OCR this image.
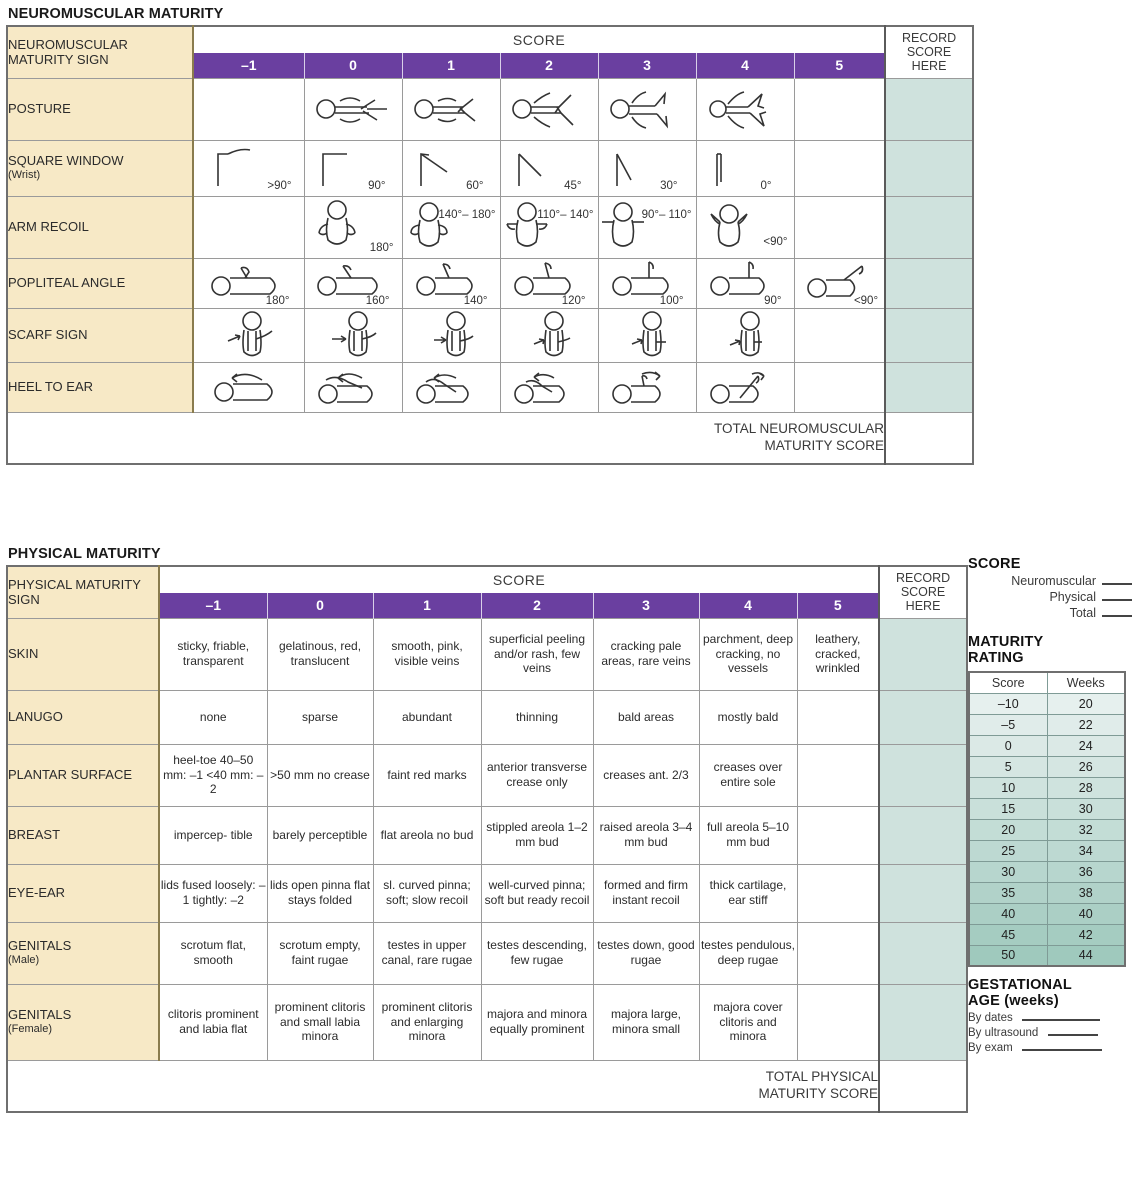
NEUROMUSCULAR MATURITY
NEUROMUSCULAR MATURITY SIGN	SCORE							RECORD
SCORE
HERE

	–1	0	1	2	3	4	5	
POSTURE		

SQUARE WINDOW
(Wrist)	>90°	90°	60°	45°	30°	0°		

ARM RECOIL		180°	140°– 180°	110°– 140°	90°– 110°	<90°		

POPLITEAL ANGLE	180°	160°	140°	120°	100°	90°	<90°	

SCARF SIGN	

HEEL TO EAR	

TOTAL NEUROMUSCULAR
MATURITY SCORE								

PHYSICAL MATURITY
PHYSICAL MATURITY SIGN	SCORE							RECORD
SCORE
HERE

	–1	0	1	2	3	4	5	
SKIN	sticky, friable, transparent	gelatinous, red, translucent	smooth, pink, visible veins	superficial peeling and/or rash, few veins	cracking pale areas, rare veins	parchment, deep cracking, no vessels	leathery, cracked, wrinkled	
LANUGO	none	sparse	abundant	thinning	bald areas	mostly bald		
PLANTAR SURFACE	heel-toe 40–50 mm: –1 <40 mm: –2	>50 mm no crease	faint red marks	anterior transverse crease only	creases ant. 2/3	creases over entire sole		
BREAST	impercep- tible	barely perceptible	flat areola no bud	stippled areola 1–2 mm bud	raised areola 3–4 mm bud	full areola 5–10 mm bud		
EYE-EAR	lids fused loosely: –1 tightly: –2	lids open pinna flat stays folded	sl. curved pinna; soft; slow recoil	well-curved pinna; soft but ready recoil	formed and firm instant recoil	thick cartilage, ear stiff		

GENITALS
(Male)	scrotum flat, smooth	scrotum empty, faint rugae	testes in upper canal, rare rugae	testes descending, few rugae	testes down, good rugae	testes pendulous, deep rugae		

GENITALS
(Female)	clitoris prominent and labia flat	prominent clitoris and small labia minora	prominent clitoris and enlarging minora	majora and minora equally prominent	majora large, minora small	majora cover clitoris and minora		

TOTAL PHYSICAL
MATURITY SCORE								

SCORE
Neuromuscular
Physical
Total
MATURITY
RATING
Score	Weeks
–10	20
–5	22
0	24
5	26
10	28
15	30
20	32
25	34
30	36
35	38
40	40
45	42
50	44
GESTATIONAL
AGE (weeks)
By dates
By ultrasound
By exam
